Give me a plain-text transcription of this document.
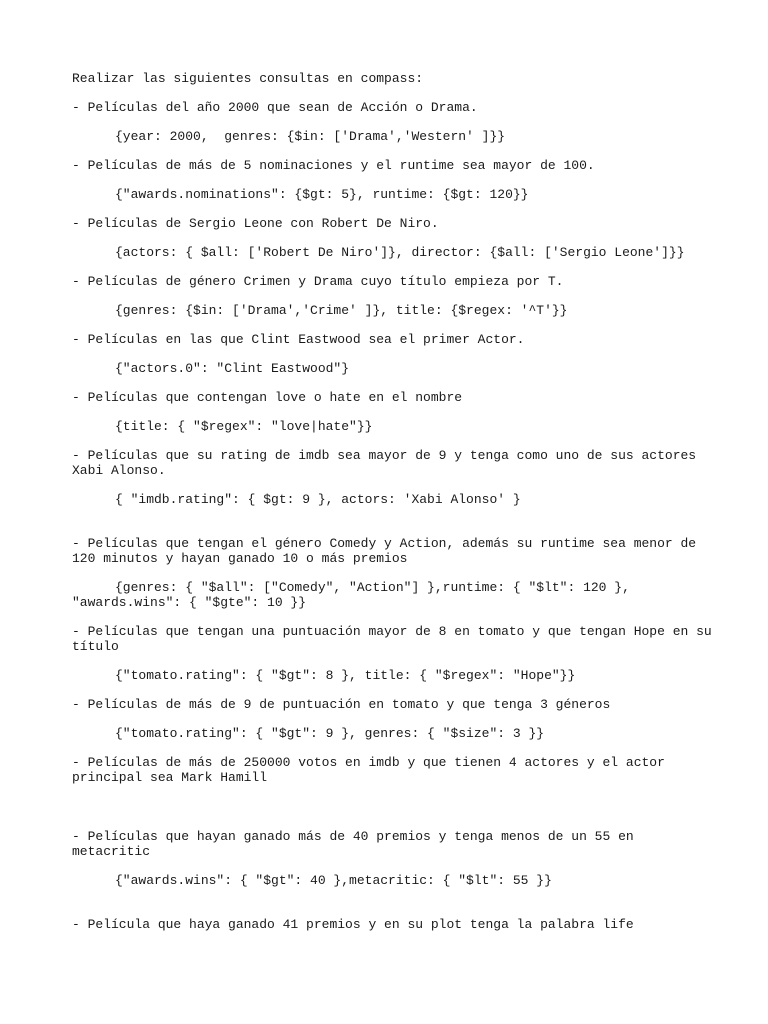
Realizar las siguientes consultas en compass:

- Películas del año 2000 que sean de Acción o Drama.

{year: 2000,  genres: {$in: ['Drama','Western' ]}}

- Películas de más de 5 nominaciones y el runtime sea mayor de 100.

{"awards.nominations": {$gt: 5}, runtime: {$gt: 120}}

- Películas de Sergio Leone con Robert De Niro.

{actors: { $all: ['Robert De Niro']}, director: {$all: ['Sergio Leone']}}

- Películas de género Crimen y Drama cuyo título empieza por T.

{genres: {$in: ['Drama','Crime' ]}, title: {$regex: '^T'}}

- Películas en las que Clint Eastwood sea el primer Actor.

{"actors.0": "Clint Eastwood"}

- Películas que contengan love o hate en el nombre

{title: { "$regex": "love|hate"}}

- Películas que su rating de imdb sea mayor de 9 y tenga como uno de sus actores Xabi Alonso.

{ "imdb.rating": { $gt: 9 }, actors: 'Xabi Alonso' }

- Películas que tengan el género Comedy y Action, además su runtime sea menor de 120 minutos y hayan ganado 10 o más premios

{genres: { "$all": ["Comedy", "Action"] },runtime: { "$lt": 120 }, "awards.wins": { "$gte": 10 }}

- Películas que tengan una puntuación mayor de 8 en tomato y que tengan Hope en su título

{"tomato.rating": { "$gt": 8 }, title: { "$regex": "Hope"}}

- Películas de más de 9 de puntuación en tomato y que tenga 3 géneros

{"tomato.rating": { "$gt": 9 }, genres: { "$size": 3 }}

- Películas de más de 250000 votos en imdb y que tienen 4 actores y el actor principal sea Mark Hamill

- Películas que hayan ganado más de 40 premios y tenga menos de un 55 en metacritic

{"awards.wins": { "$gt": 40 },metacritic: { "$lt": 55 }}

- Película que haya ganado 41 premios y en su plot tenga la palabra life
